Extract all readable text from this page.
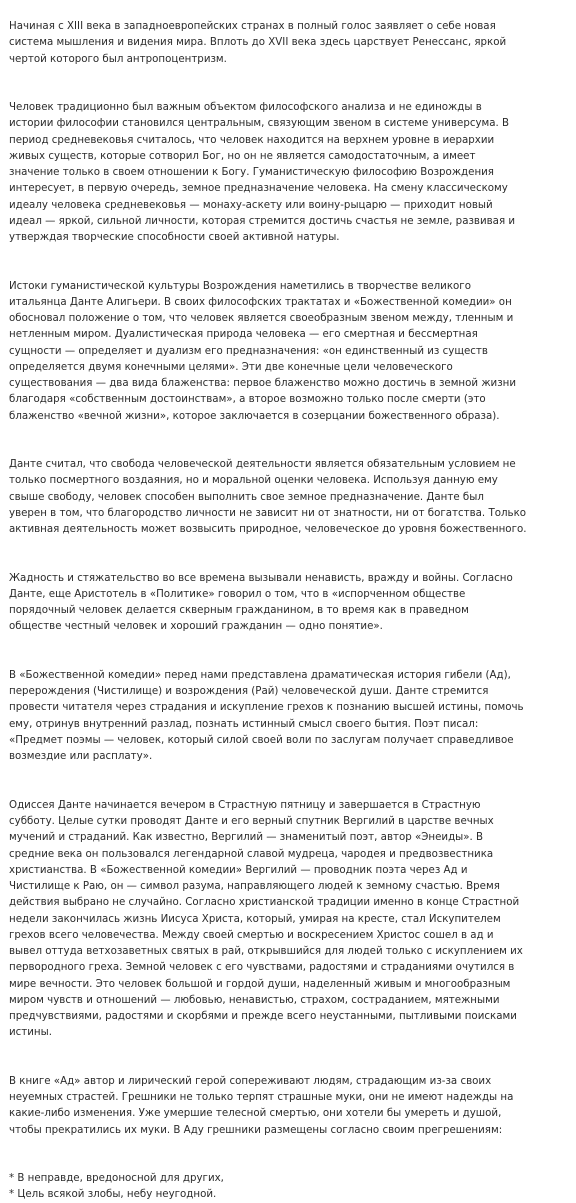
Начиная с XIII века в западноевропейских странах в полный голос заявляет о себе новая
система мышления и видения мира. Вплоть до XVII века здесь царствует Ренессанс, яркой
чертой которого был антропоцентризм.

Человек традиционно был важным объектом философского анализа и не единожды в
истории философии становился центральным, связующим звеном в системе универсума. В
период средневековья считалось, что человек находится на верхнем уровне в иерархии
живых существ, которые сотворил Бог, но он не является самодостаточным, а имеет
значение только в своем отношении к Богу. Гуманистическую философию Возрождения
интересует, в первую очередь, земное предназначение человека. На смену классическому
идеалу человека средневековья — монаху-аскету или воину-рыцарю — приходит новый
идеал — яркой, сильной личности, которая стремится достичь счастья не земле, развивая и
утверждая творческие способности своей активной натуры.

Истоки гуманистической культуры Возрождения наметились в творчестве великого
итальянца Данте Алигьери. В своих философских трактатах и «Божественной комедии» он
обосновал положение о том, что человек является своеобразным звеном между, тленным и
нетленным миром. Дуалистическая природа человека — его смертная и бессмертная
сущности — определяет и дуализм его предназначения: «он единственный из существ
определяется двумя конечными целями». Эти две конечные цели человеческого
существования — два вида блаженства: первое блаженство можно достичь в земной жизни
благодаря «собственным достоинствам», а второе возможно только после смерти (это
блаженство «вечной жизни», которое заключается в созерцании божественного образа).

Данте считал, что свобода человеческой деятельности является обязательным условием не
только посмертного воздаяния, но и моральной оценки человека. Используя данную ему
свыше свободу, человек способен выполнить свое земное предназначение. Данте был
уверен в том, что благородство личности не зависит ни от знатности, ни от богатства. Только
активная деятельность может возвысить природное, человеческое до уровня божественного.

Жадность и стяжательство во все времена вызывали ненависть, вражду и войны. Согласно
Данте, еще Аристотель в «Политике» говорил о том, что в «испорченном обществе
порядочный человек делается скверным гражданином, в то время как в праведном
обществе честный человек и хороший гражданин — одно понятие».

В «Божественной комедии» перед нами представлена драматическая история гибели (Ад),
перерождения (Чистилище) и возрождения (Рай) человеческой души. Данте стремится
провести читателя через страдания и искупление грехов к познанию высшей истины, помочь
ему, отринув внутренний разлад, познать истинный смысл своего бытия. Поэт писал:
«Предмет поэмы — человек, который силой своей воли по заслугам получает справедливое
возмездие или расплату».

Одиссея Данте начинается вечером в Страстную пятницу и завершается в Страстную
субботу. Целые сутки проводят Данте и его верный спутник Вергилий в царстве вечных
мучений и страданий. Как известно, Вергилий — знаменитый поэт, автор «Энеиды». В
средние века он пользовался легендарной славой мудреца, чародея и предвозвестника
христианства. В «Божественной комедии» Вергилий — проводник поэта через Ад и
Чистилище к Раю, он — символ разума, направляющего людей к земному счастью. Время
действия выбрано не случайно. Согласно христианской традиции именно в конце Страстной
недели закончилась жизнь Иисуса Христа, который, умирая на кресте, стал Искупителем
грехов всего человечества. Между своей смертью и воскресением Христос сошел в ад и
вывел оттуда ветхозаветных святых в рай, открывшийся для людей только с искуплением их
первородного греха. Земной человек с его чувствами, радостями и страданиями очутился в
мире вечности. Это человек большой и гордой души, наделенный живым и многообразным
миром чувств и отношений — любовью, ненавистью, страхом, состраданием, мятежными
предчувствиями, радостями и скорбями и прежде всего неустанными, пытливыми поисками
истины.

В книге «Ад» автор и лирический герой сопереживают людям, страдающим из-за своих
неуемных страстей. Грешники не только терпят страшные муки, они не имеют надежды на
какие-либо изменения. Уже умершие телесной смертью, они хотели бы умереть и душой,
чтобы прекратились их муки. В Аду грешники размещены согласно своим прегрешениям:

* В неправде, вредоносной для других,
* Цель всякой злобы, небу неугодной.
